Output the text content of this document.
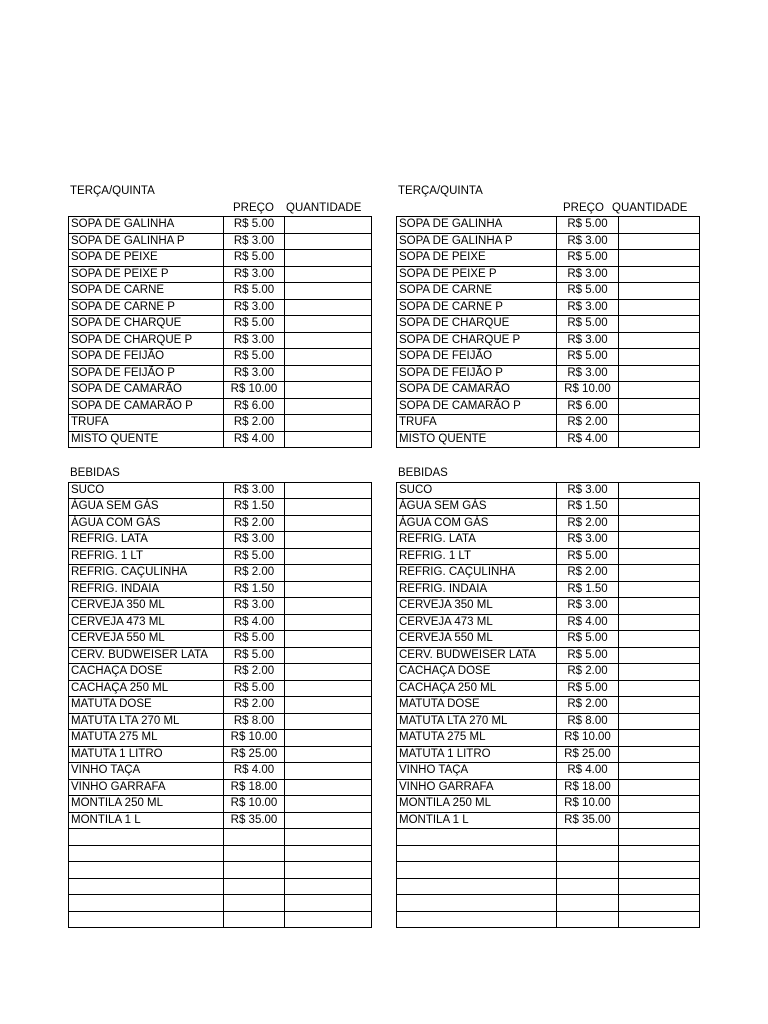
TERÇA/QUINTA
PREÇO QUANTIDADE
SOPA DE GALINHA	R$ 5.00	
SOPA DE GALINHA P	R$ 3.00	
SOPA DE PEIXE	R$ 5.00	
SOPA DE PEIXE P	R$ 3.00	
SOPA DE CARNE	R$ 5.00	
SOPA DE CARNE P	R$ 3.00	
SOPA DE CHARQUE	R$ 5.00	
SOPA DE CHARQUE P	R$ 3.00	
SOPA DE FEIJÃO	R$ 5.00	
SOPA DE FEIJÃO P	R$ 3.00	
SOPA DE CAMARÃO	R$ 10.00	
SOPA DE CAMARÃO P	R$ 6.00	
TRUFA	R$ 2.00	
MISTO QUENTE	R$ 4.00	
BEBIDAS
SUCO	R$ 3.00	
ÁGUA SEM GÁS	R$ 1.50	
ÁGUA COM GÁS	R$ 2.00	
REFRIG. LATA	R$ 3.00	
REFRIG. 1 LT	R$ 5.00	
REFRIG. CAÇULINHA	R$ 2.00	
REFRIG. INDAIA	R$ 1.50	
CERVEJA 350 ML	R$ 3.00	
CERVEJA 473 ML	R$ 4.00	
CERVEJA 550 ML	R$ 5.00	
CERV. BUDWEISER LATA	R$ 5.00	
CACHAÇA DOSE	R$ 2.00	
CACHAÇA 250 ML	R$ 5.00	
MATUTA DOSE	R$ 2.00	
MATUTA LTA 270 ML	R$ 8.00	
MATUTA 275 ML	R$ 10.00	
MATUTA 1 LITRO	R$ 25.00	
VINHO TAÇA	R$ 4.00	
VINHO GARRAFA	R$ 18.00	
MONTILA 250 ML	R$ 10.00	
MONTILA 1 L	R$ 35.00	

TERÇA/QUINTA
PREÇO QUANTIDADE
SOPA DE GALINHA	R$ 5.00	
SOPA DE GALINHA P	R$ 3.00	
SOPA DE PEIXE	R$ 5.00	
SOPA DE PEIXE P	R$ 3.00	
SOPA DE CARNE	R$ 5.00	
SOPA DE CARNE P	R$ 3.00	
SOPA DE CHARQUE	R$ 5.00	
SOPA DE CHARQUE P	R$ 3.00	
SOPA DE FEIJÃO	R$ 5.00	
SOPA DE FEIJÃO P	R$ 3.00	
SOPA DE CAMARÃO	R$ 10.00	
SOPA DE CAMARÃO P	R$ 6.00	
TRUFA	R$ 2.00	
MISTO QUENTE	R$ 4.00	
BEBIDAS
SUCO	R$ 3.00	
ÁGUA SEM GÁS	R$ 1.50	
ÁGUA COM GÁS	R$ 2.00	
REFRIG. LATA	R$ 3.00	
REFRIG. 1 LT	R$ 5.00	
REFRIG. CAÇULINHA	R$ 2.00	
REFRIG. INDAIA	R$ 1.50	
CERVEJA 350 ML	R$ 3.00	
CERVEJA 473 ML	R$ 4.00	
CERVEJA 550 ML	R$ 5.00	
CERV. BUDWEISER LATA	R$ 5.00	
CACHAÇA DOSE	R$ 2.00	
CACHAÇA 250 ML	R$ 5.00	
MATUTA DOSE	R$ 2.00	
MATUTA LTA 270 ML	R$ 8.00	
MATUTA 275 ML	R$ 10.00	
MATUTA 1 LITRO	R$ 25.00	
VINHO TAÇA	R$ 4.00	
VINHO GARRAFA	R$ 18.00	
MONTILA 250 ML	R$ 10.00	
MONTILA 1 L	R$ 35.00	
